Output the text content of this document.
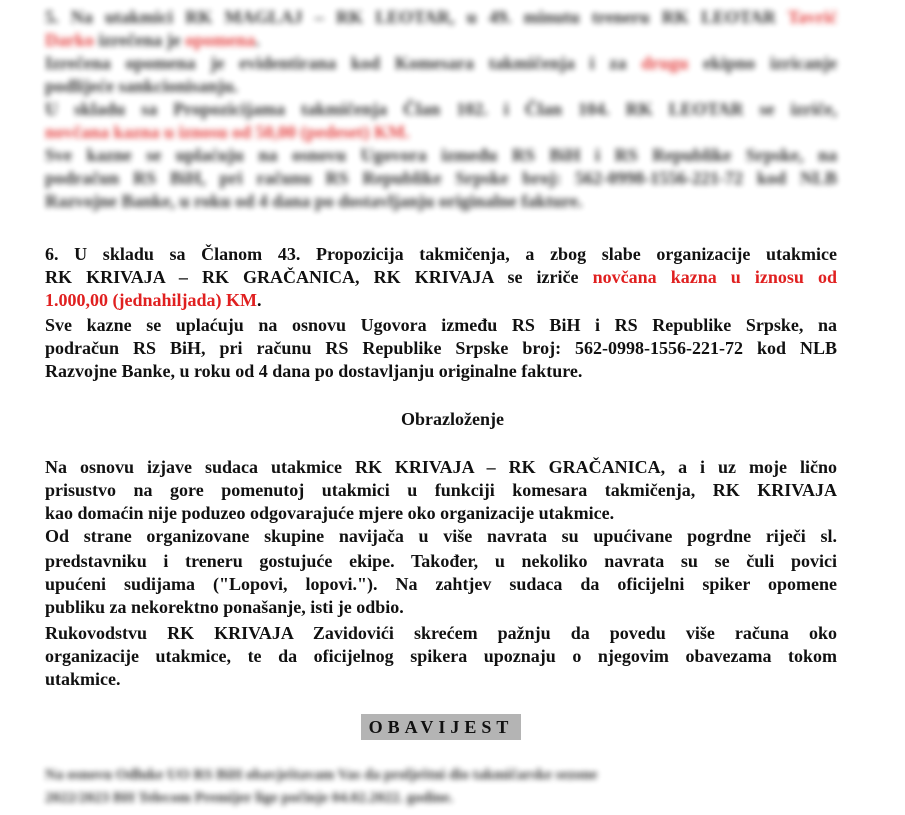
5. Na utakmici RK MAGLAJ – RK LEOTAR, u 49. minutu treneru RK LEOTAR Tavrić
Darko izrečena je opomena.
Izrečena opomena je evidentirana kod Komesara takmičenja i za drugu ekipno izricanje
podlijeće sankcionisanju.
U skladu sa Propozicijama takmičenja Član 102. i Član 104. RK LEOTAR se izriče,
novčana kazna u iznosu od 50,00 (pedeset) KM.
Sve kazne se uplaćuju na osnovu Ugovora između RS BiH i RS Republike Srpske, na
podračun RS BiH, pri računu RS Republike Srpske broj: 562-0998-1556-221-72 kod NLB
Razvojne Banke, u roku od 4 dana po dostavljanju originalne fakture.
6. U skladu sa Članom 43. Propozicija takmičenja, a zbog slabe organizacije utakmice
RK KRIVAJA – RK GRAČANICA, RK KRIVAJA se izriče novčana kazna u iznosu od
1.000,00 (jednahiljada) KM.
Sve kazne se uplaćuju na osnovu Ugovora između RS BiH i RS Republike Srpske, na
podračun RS BiH, pri računu RS Republike Srpske broj: 562-0998-1556-221-72 kod NLB
Razvojne Banke, u roku od 4 dana po dostavljanju originalne fakture.
Obrazloženje
Na osnovu izjave sudaca utakmice RK KRIVAJA – RK GRAČANICA, a i uz moje lično
prisustvo na gore pomenutoj utakmici u funkciji komesara takmičenja, RK KRIVAJA
kao domaćin nije poduzeo odgovarajuće mjere oko organizacije utakmice.
Od strane organizovane skupine navijača u više navrata su upućivane pogrdne riječi sl.
predstavniku i treneru gostujuće ekipe. Također, u nekoliko navrata su se čuli povici
upućeni sudijama ("Lopovi, lopovi."). Na zahtjev sudaca da oficijelni spiker opomene
publiku za nekorektno ponašanje, isti je odbio.
Rukovodstvu RK KRIVAJA Zavidovići skrećem pažnju da povedu više računa oko
organizacije utakmice, te da oficijelnog spikera upoznaju o njegovim obavezama tokom
utakmice.
OBAVIJEST
Na osnovu Odluke UO RS BiH obavještavam Vas da prolještni dio takmičarske sezone
2022/2023 BH Telecom Premijer lige počinje 04.02.2022. godine.
